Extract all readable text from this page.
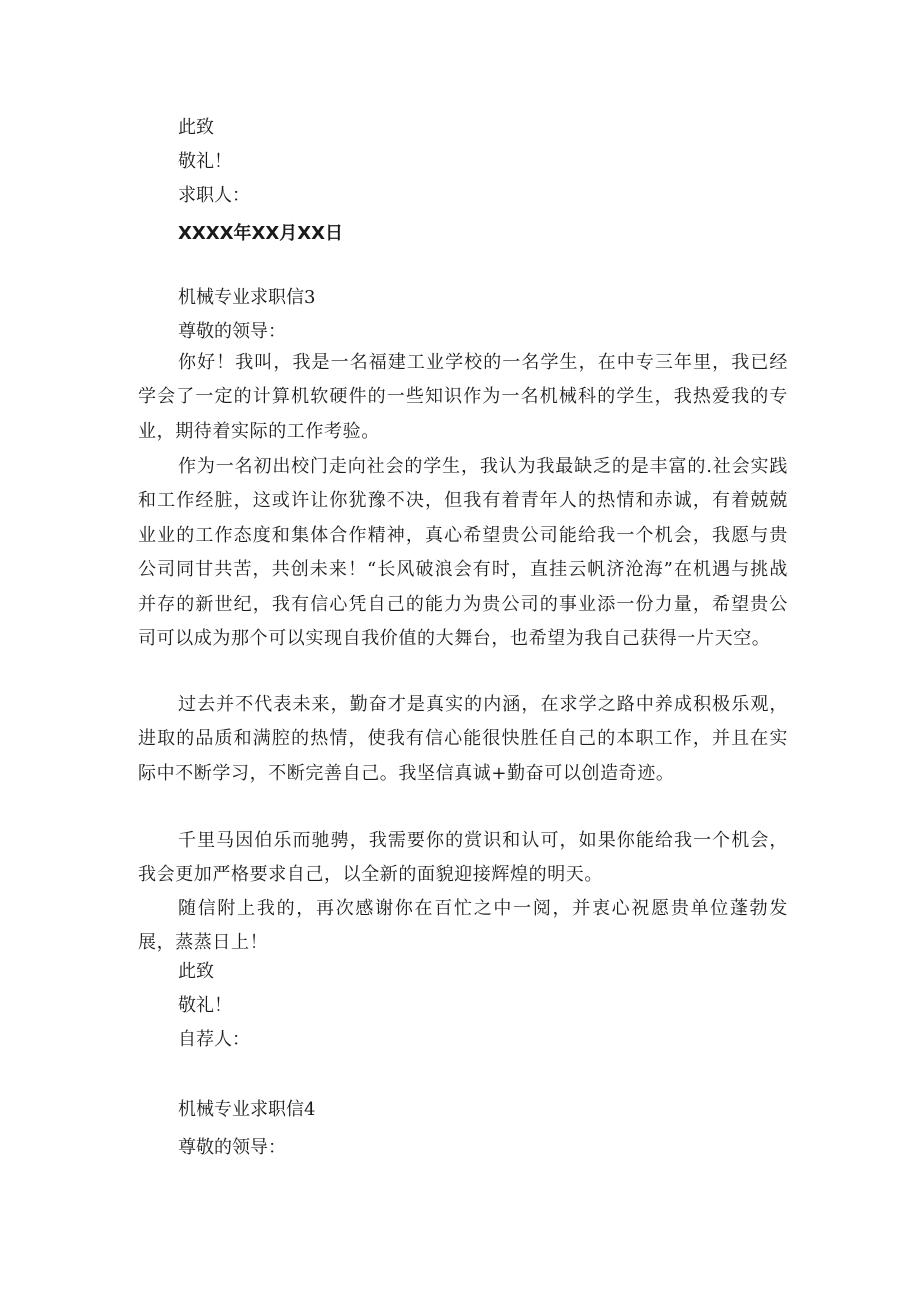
此致
敬礼！
求职人：
XXXX年XX月XX日
机械专业求职信3
尊敬的领导：
你好！我叫，我是一名福建工业学校的一名学生，在中专三年里，我已经学会了一定的计算机软硬件的一些知识作为一名机械科的学生，我热爱我的专业，期待着实际的工作考验。
作为一名初出校门走向社会的学生，我认为我最缺乏的是丰富的.社会实践和工作经脏，这或许让你犹豫不决，但我有着青年人的热情和赤诚，有着兢兢业业的工作态度和集体合作精神，真心希望贵公司能给我一个机会，我愿与贵公司同甘共苦，共创未来！“长风破浪会有时，直挂云帆济沧海”在机遇与挑战并存的新世纪，我有信心凭自己的能力为贵公司的事业添一份力量，希望贵公司可以成为那个可以实现自我价值的大舞台，也希望为我自己获得一片天空。
过去并不代表未来，勤奋才是真实的内涵，在求学之路中养成积极乐观，进取的品质和满腔的热情，使我有信心能很快胜任自己的本职工作，并且在实际中不断学习，不断完善自己。我坚信真诚+勤奋可以创造奇迹。
千里马因伯乐而驰骋，我需要你的赏识和认可，如果你能给我一个机会，我会更加严格要求自己，以全新的面貌迎接辉煌的明天。
随信附上我的，再次感谢你在百忙之中一阅，并衷心祝愿贵单位蓬勃发展，蒸蒸日上！
此致
敬礼！
自荐人：
机械专业求职信4
尊敬的领导：
